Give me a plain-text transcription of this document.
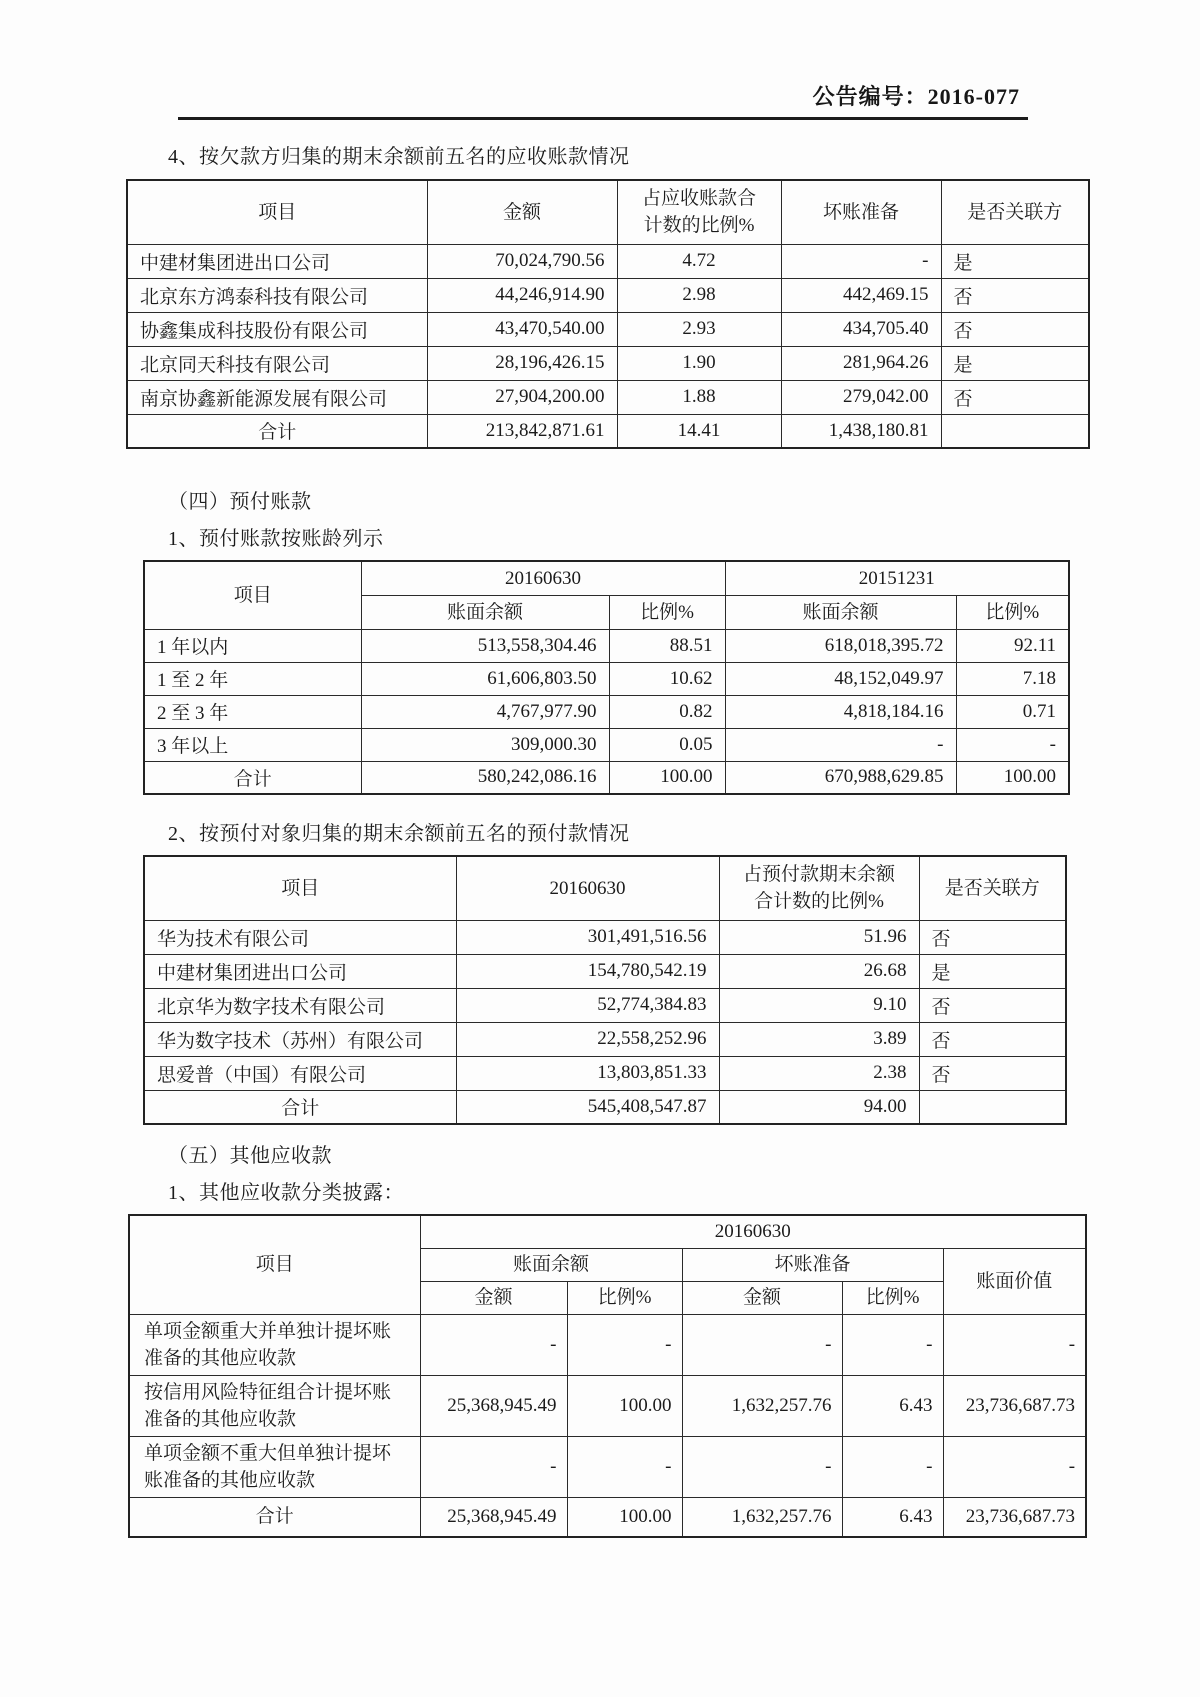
公告编号：2016-077
4、按欠款方归集的期末余额前五名的应收账款情况
项目	金额	占应收账款合计数的比例%	坏账准备	是否关联方
中建材集团进出口公司	70,024,790.56	4.72	-	是
北京东方鸿泰科技有限公司	44,246,914.90	2.98	442,469.15	否
协鑫集成科技股份有限公司	43,470,540.00	2.93	434,705.40	否
北京同天科技有限公司	28,196,426.15	1.90	281,964.26	是
南京协鑫新能源发展有限公司	27,904,200.00	1.88	279,042.00	否
合计	213,842,871.61	14.41	1,438,180.81	
（四）预付账款
1、预付账款按账龄列示
项目	20160630		20151231	
	账面余额	比例%	账面余额	比例%
1 年以内	513,558,304.46	88.51	618,018,395.72	92.11
1 至 2 年	61,606,803.50	10.62	48,152,049.97	7.18
2 至 3 年	4,767,977.90	0.82	4,818,184.16	0.71
3 年以上	309,000.30	0.05	-	-
合计	580,242,086.16	100.00	670,988,629.85	100.00
2、按预付对象归集的期末余额前五名的预付款情况
项目	20160630	占预付款期末余额合计数的比例%	是否关联方
华为技术有限公司	301,491,516.56	51.96	否
中建材集团进出口公司	154,780,542.19	26.68	是
北京华为数字技术有限公司	52,774,384.83	9.10	否
华为数字技术（苏州）有限公司	22,558,252.96	3.89	否
思爱普（中国）有限公司	13,803,851.33	2.38	否
合计	545,408,547.87	94.00	
（五）其他应收款
1、其他应收款分类披露：
项目	20160630				
	账面余额		坏账准备		账面价值
	金额	比例%	金额	比例%	
单项金额重大并单独计提坏账准备的其他应收款	-	-	-	-	-
按信用风险特征组合计提坏账准备的其他应收款	25,368,945.49	100.00	1,632,257.76	6.43	23,736,687.73
单项金额不重大但单独计提坏账准备的其他应收款	-	-	-	-	-
合计	25,368,945.49	100.00	1,632,257.76	6.43	23,736,687.73
